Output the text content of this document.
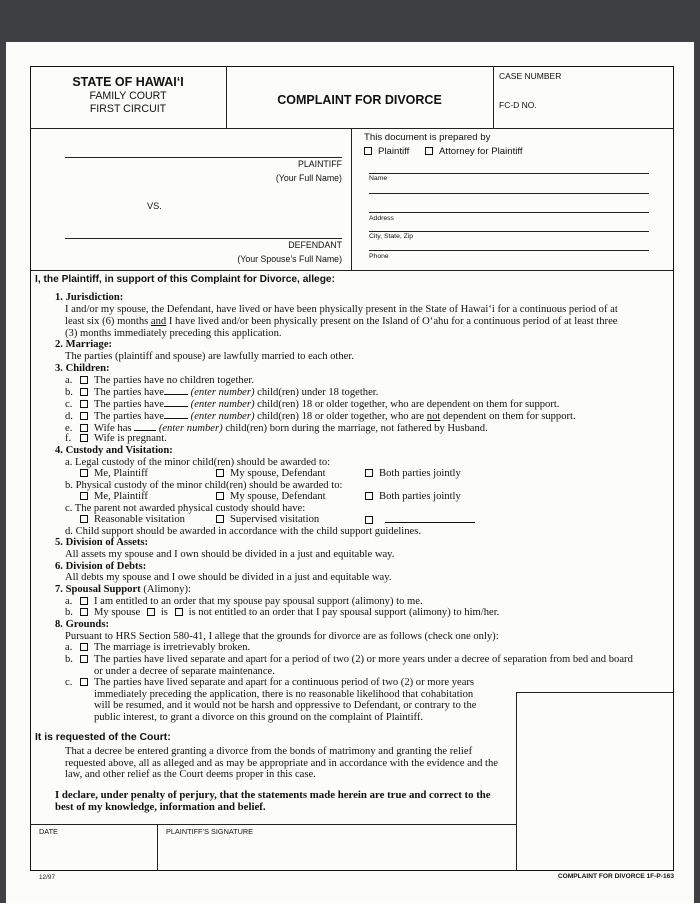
STATE OF HAWAI‘I
FAMILY COURT
FIRST CIRCUIT
COMPLAINT FOR DIVORCE
CASE NUMBER
FC-D NO.
PLAINTIFF
(Your Full Name)
VS.
DEFENDANT
(Your Spouse’s Full Name)
This document is prepared by
Plaintiff	Attorney for Plaintiff
Name
Address
City, State, Zip
Phone
I, the Plaintiff, in support of this Complaint for Divorce, allege:
1. Jurisdiction:
I and/or my spouse, the Defendant, have lived or have been physically present in the State of Hawai‘i for a continuous period of at
least six (6) months and I have lived and/or been physically present on the Island of O‘ahu for a continuous period of at least three
(3) months immediately preceding this application.
2. Marriage:
The parties (plaintiff and spouse) are lawfully married to each other.
3. Children:
a. The parties have no children together.
b. The parties have	(enter number) child(ren) under 18 together.
c. The parties have	(enter number) child(ren) 18 or older together, who are dependent on them for support.
d. The parties have	(enter number) child(ren) 18 or older together, who are not dependent on them for support.
e. Wife has  (enter number) child(ren) born during the marriage, not fathered by Husband.
f. Wife is pregnant.
4. Custody and Visitation:
a. Legal custody of the minor child(ren) should be awarded to:
Me, Plaintiff	My spouse, Defendant	Both parties jointly
b. Physical custody of the minor child(ren) should be awarded to:
Me, Plaintiff	My spouse, Defendant	Both parties jointly
c. The parent not awarded physical custody should have:
Reasonable visitation	Supervised visitation
d. Child support should be awarded in accordance with the child support guidelines.
5. Division of Assets:
All assets my spouse and I own should be divided in a just and equitable way.
6. Division of Debts:
All debts my spouse and I owe should be divided in a just and equitable way.
7. Spousal Support (Alimony):
a. I am entitled to an order that my spouse pay spousal support (alimony) to me.
b. My spouse is is not entitled to an order that I pay spousal support (alimony) to him/her.
8. Grounds:
Pursuant to HRS Section 580-41, I allege that the grounds for divorce are as follows (check one only):
a. The marriage is irretrievably broken.
b. The parties have lived separate and apart for a period of two (2) or more years under a decree of separation from bed and board
or under a decree of separate maintenance.
c. The parties have lived separate and apart for a continuous period of two (2) or more years
immediately preceding the application, there is no reasonable likelihood that cohabitation
will be resumed, and it would not be harsh and oppressive to Defendant, or contrary to the
public interest, to grant a divorce on this ground on the complaint of Plaintiff.
It is requested of the Court:
That a decree be entered granting a divorce from the bonds of matrimony and granting the relief
requested above, all as alleged and as may be appropriate and in accordance with the evidence and the
law, and other relief as the Court deems proper in this case.
I declare, under penalty of perjury, that the statements made herein are true and correct to the
best of my knowledge, information and belief.
DATE	PLAINTIFF’S SIGNATURE
12/97	COMPLAINT FOR DIVORCE 1F-P-163
